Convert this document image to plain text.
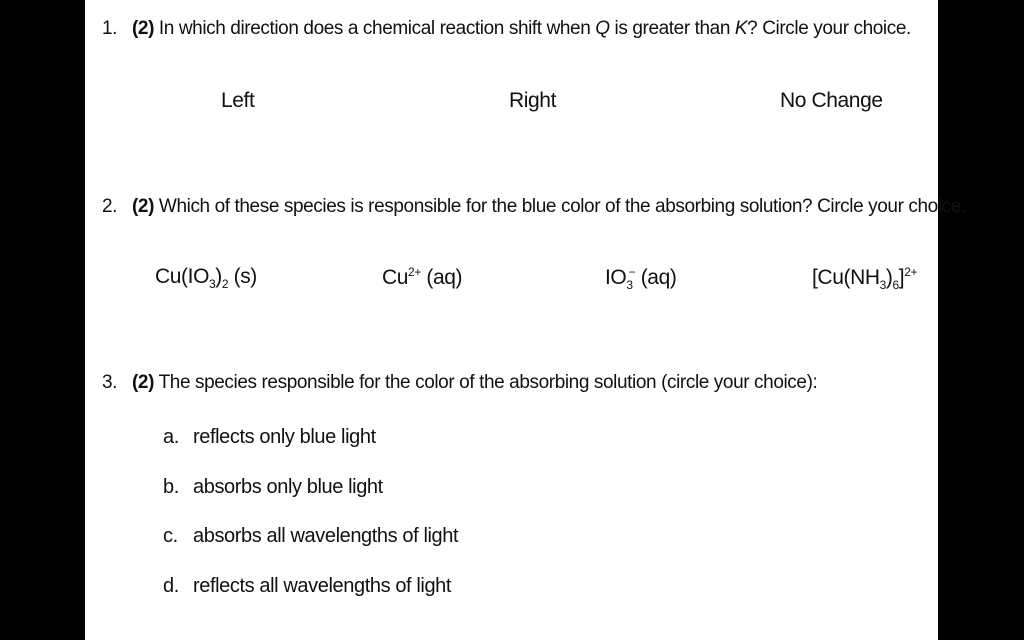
1. (2) In which direction does a chemical reaction shift when Q is greater than K? Circle your choice.
Left	Right	No Change
2. (2) Which of these species is responsible for the blue color of the absorbing solution? Circle your choice.
$Cu(IO_3)_2$ (s)	$Cu^{2+}$ (aq)	$IO_3^-$ (aq)	$[Cu(NH_3)_6]^{2+}$
3. (2) The species responsible for the color of the absorbing solution (circle your choice):
a. reflects only blue light
b. absorbs only blue light
c. absorbs all wavelengths of light
d. reflects all wavelengths of light
